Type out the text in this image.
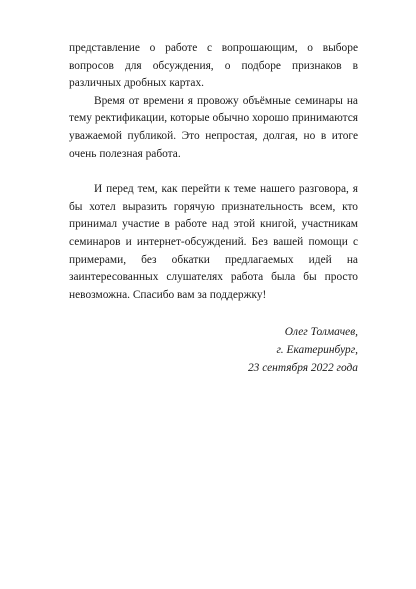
представление о работе с вопрошающим, о выборе вопросов для обсуждения, о подборе признаков в различных дробных картах.

Время от времени я провожу объёмные семинары на тему ректификации, которые обычно хорошо принимаются уважаемой публикой. Это непростая, долгая, но в итоге очень полезная работа.

И перед тем, как перейти к теме нашего разговора, я бы хотел выразить горячую признательность всем, кто принимал участие в работе над этой книгой, участникам семинаров и интернет-обсуждений. Без вашей помощи с примерами, без обкатки предлагаемых идей на заинтересованных слушателях работа была бы просто невозможна. Спасибо вам за поддержку!

Олег Толмачев,
г. Екатеринбург,
23 сентября 2022 года
